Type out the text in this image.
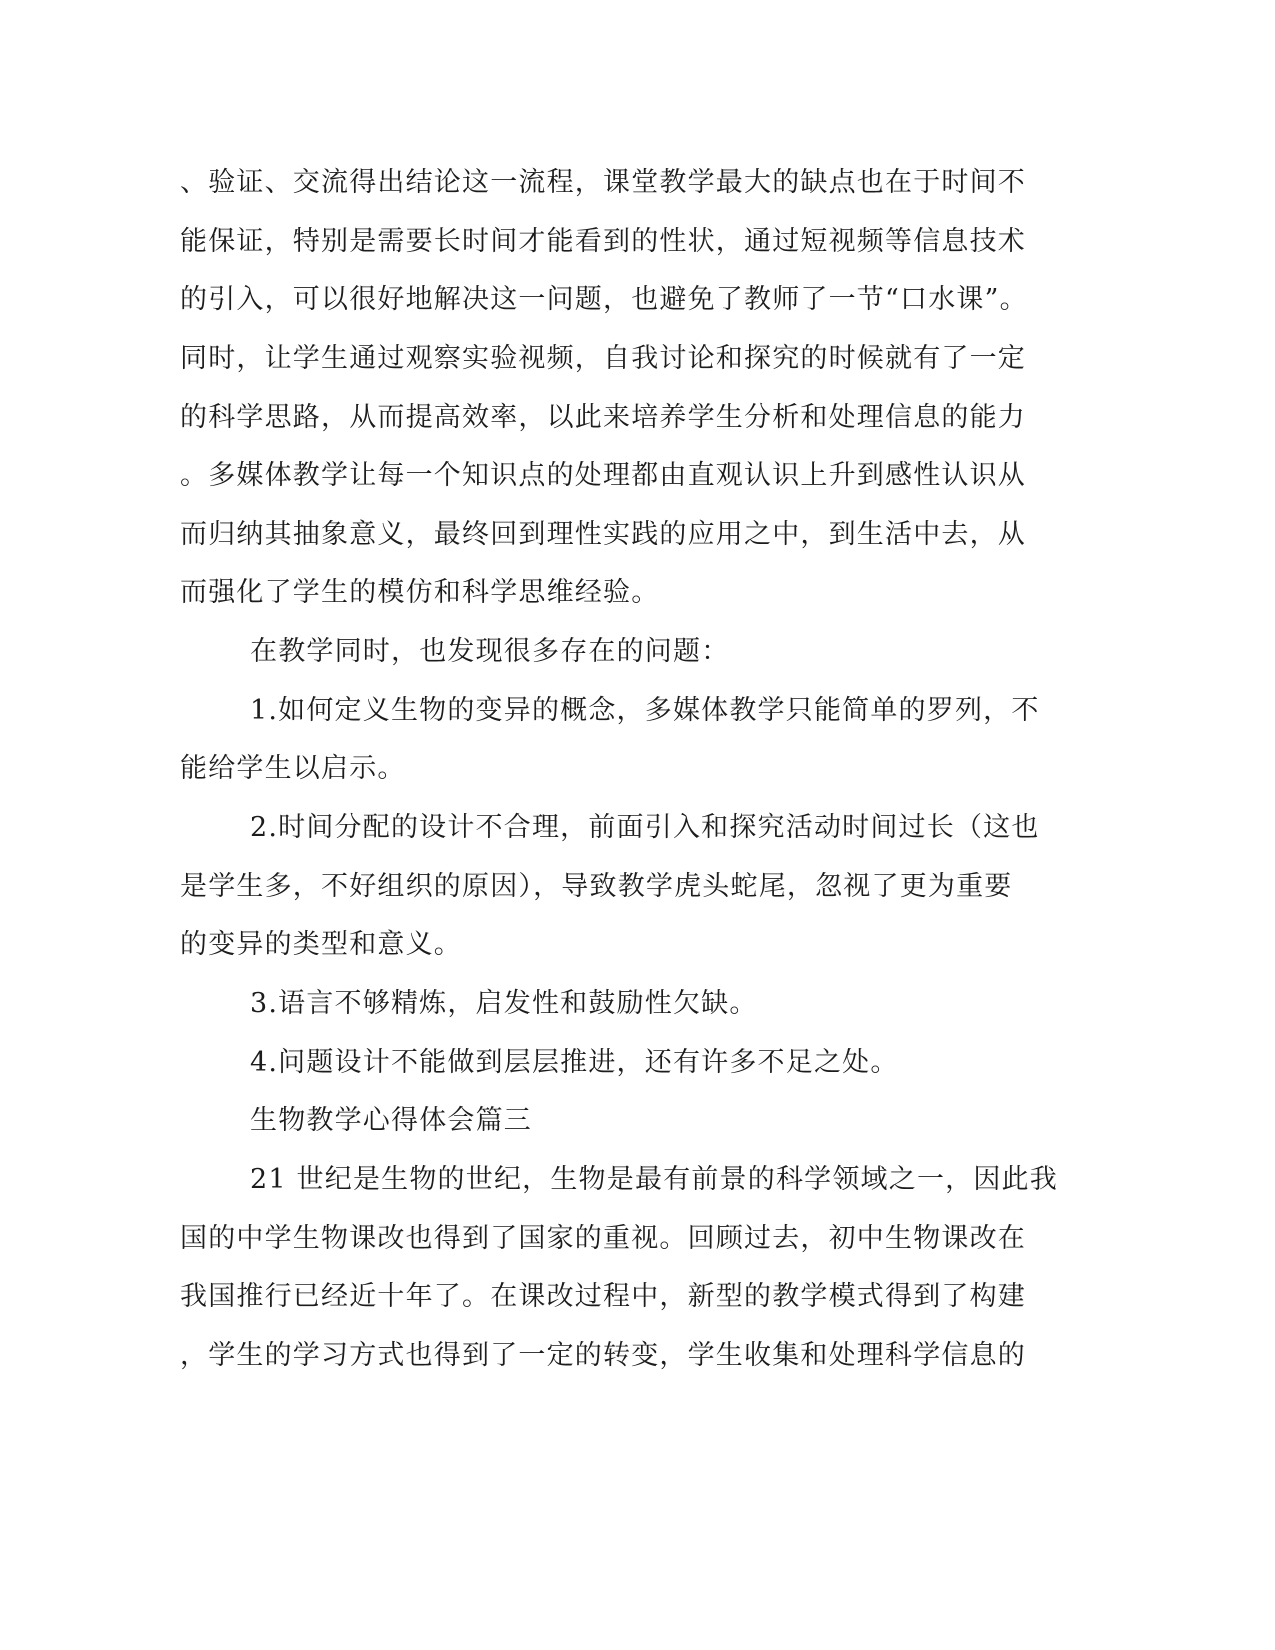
、验证、交流得出结论这一流程，课堂教学最大的缺点也在于时间不
能保证，特别是需要长时间才能看到的性状，通过短视频等信息技术
的引入，可以很好地解决这一问题，也避免了教师了一节“口水课”。
同时，让学生通过观察实验视频，自我讨论和探究的时候就有了一定
的科学思路，从而提高效率，以此来培养学生分析和处理信息的能力
。多媒体教学让每一个知识点的处理都由直观认识上升到感性认识从
而归纳其抽象意义，最终回到理性实践的应用之中，到生活中去，从
而强化了学生的模仿和科学思维经验。
在教学同时，也发现很多存在的问题：
1.如何定义生物的变异的概念，多媒体教学只能简单的罗列，不
能给学生以启示。
2.时间分配的设计不合理，前面引入和探究活动时间过长（这也
是学生多，不好组织的原因），导致教学虎头蛇尾，忽视了更为重要
的变异的类型和意义。
3.语言不够精炼，启发性和鼓励性欠缺。
4.问题设计不能做到层层推进，还有许多不足之处。
生物教学心得体会篇三
21 世纪是生物的世纪，生物是最有前景的科学领域之一，因此我
国的中学生物课改也得到了国家的重视。回顾过去，初中生物课改在
我国推行已经近十年了。在课改过程中，新型的教学模式得到了构建
，学生的学习方式也得到了一定的转变，学生收集和处理科学信息的
